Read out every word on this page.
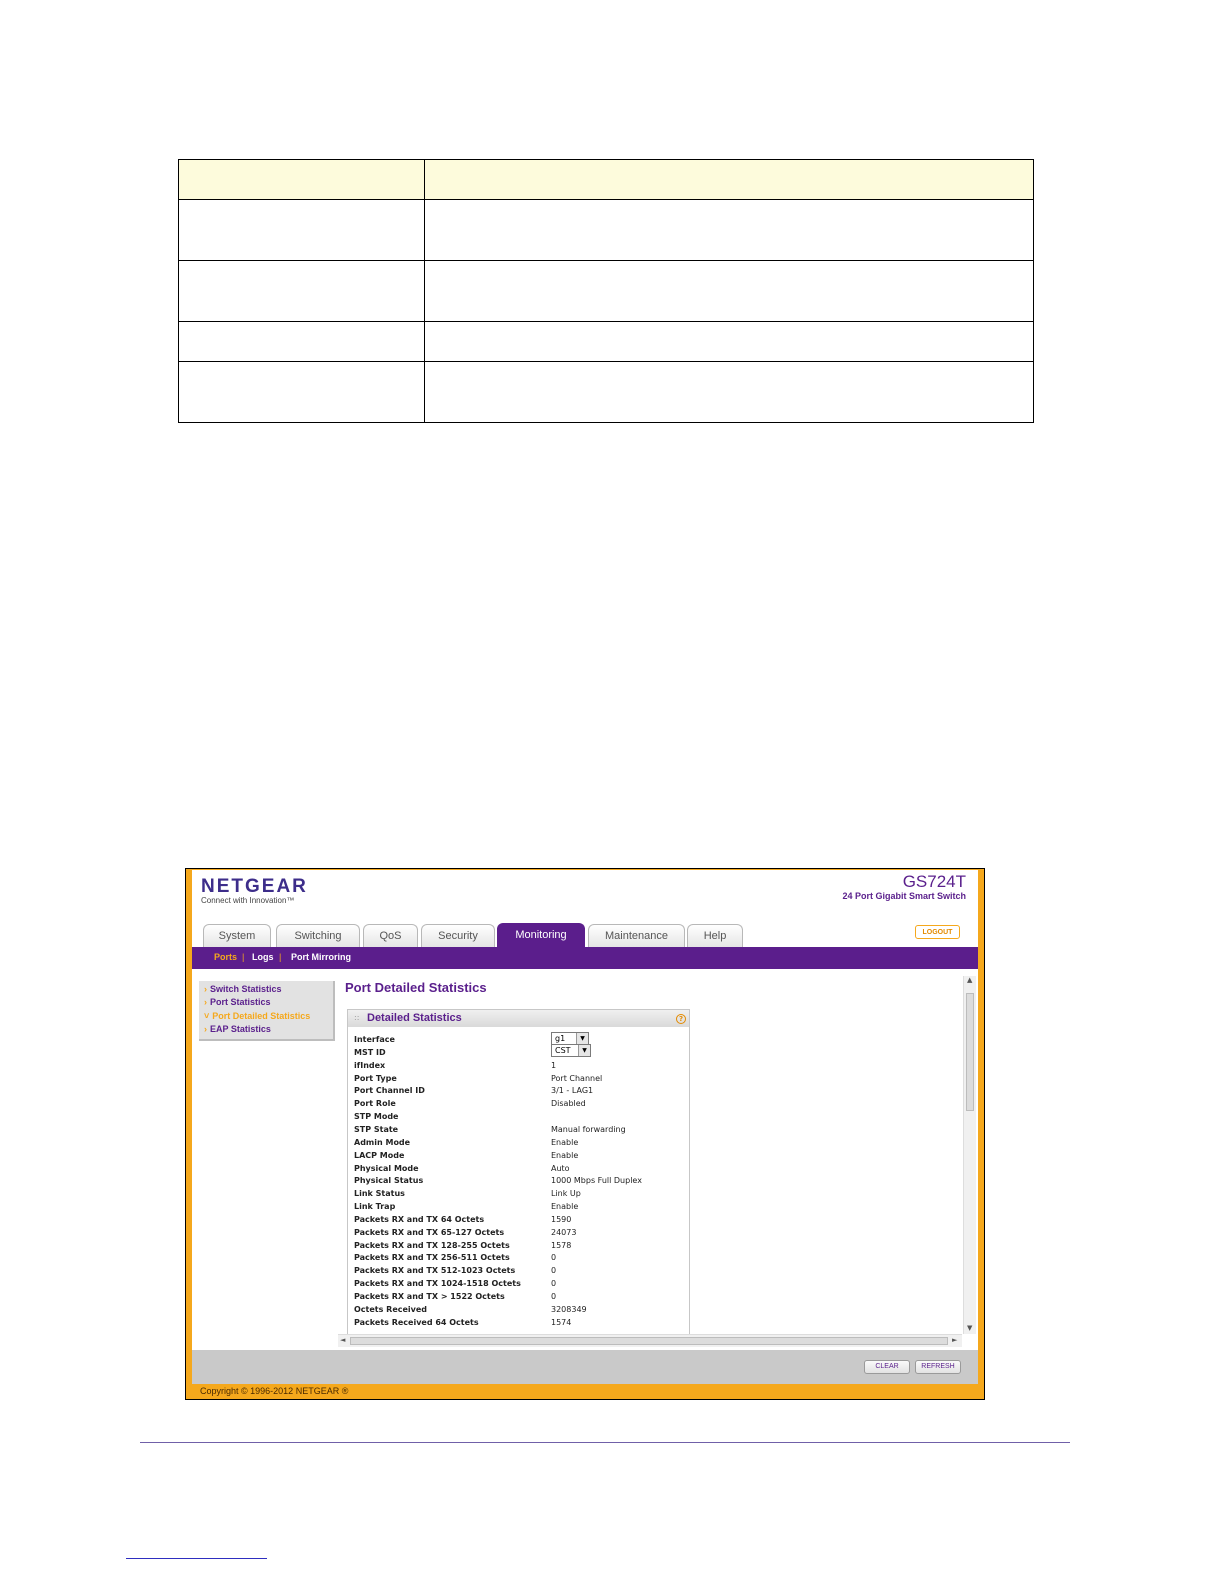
NETGEAR
Connect with Innovation™
GS724T
24 Port Gigabit Smart Switch
System	Switching	QoS	Security	Monitoring	Maintenance	Help	LOGOUT
Ports | Logs | Port Mirroring
› Switch Statistics
› Port Statistics
˅ Port Detailed Statistics
› EAP Statistics
Port Detailed Statistics
:: Detailed Statistics	?
Interface	g1	▼
MST ID	CST	▼
ifIndex	1
Port Type	Port Channel
Port Channel ID	3/1 - LAG1
Port Role	Disabled
STP Mode
STP State	Manual forwarding
Admin Mode	Enable
LACP Mode	Enable
Physical Mode	Auto
Physical Status	1000 Mbps Full Duplex
Link Status	Link Up
Link Trap	Enable
Packets RX and TX 64 Octets	1590
Packets RX and TX 65-127 Octets	24073
Packets RX and TX 128-255 Octets	1578
Packets RX and TX 256-511 Octets	0
Packets RX and TX 512-1023 Octets	0
Packets RX and TX 1024-1518 Octets	0
Packets RX and TX > 1522 Octets	0
Octets Received	3208349
Packets Received 64 Octets	1574
▲
▼
◄	►
CLEAR	REFRESH
Copyright © 1996-2012 NETGEAR ®
